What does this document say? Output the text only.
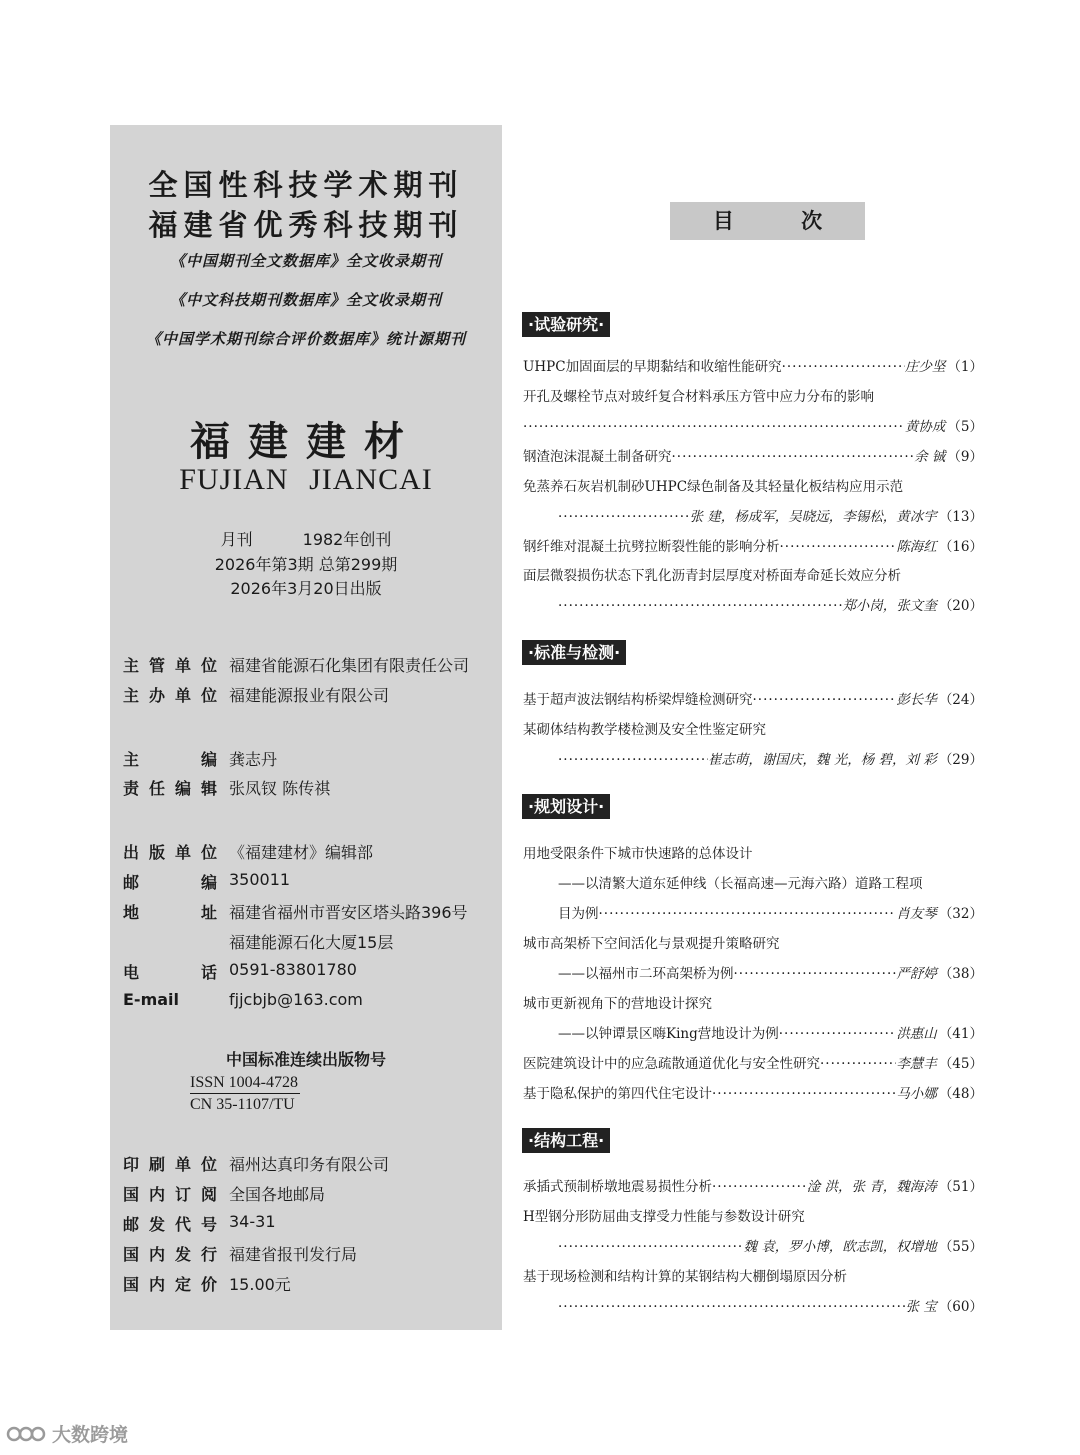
全国性科技学术期刊
福建省优秀科技期刊
《中国期刊全文数据库》全文收录期刊
《中文科技期刊数据库》全文收录期刊
《中国学术期刊综合评价数据库》统计源期刊
福建建材
FUJIAN JIANCAI
月刊	1982年创刊
2026年第3期 总第299期
2026年3月20日出版
主管单位 福建省能源石化集团有限责任公司
主办单位 福建能源报业有限公司
主编 龚志丹
责任编辑 张凤钗 陈传祺
出版单位 《福建建材》编辑部
邮编 350011
地址 福建省福州市晋安区塔头路396号
福建能源石化大厦15层
电话 0591-83801780
E-mail	fjjcbjb@163.com
中国标准连续出版物号
ISSN 1004-4728
CN 35-1107/TU
印刷单位 福州达真印务有限公司
国内订阅 全国各地邮局
邮发代号 34-31
国内发行 福建省报刊发行局
国内定价 15.00元
目 次
·试验研究·
UHPC加固面层的早期黏结和收缩性能研究 ·····	庄少坚 （1）
开孔及螺栓节点对玻纤复合材料承压方管中应力分布的影响
·····
黄协成 （5）
钢渣泡沫混凝土制备研究 ·····	余 铖 （9）
免蒸养石灰岩机制砂UHPC绿色制备及其轻量化板结构应用示范
·····
张 建，杨成军，吴晓远，李锡松，黄冰宇 （13）
钢纤维对混凝土抗劈拉断裂性能的影响分析 ·····	陈海红 （16）
面层微裂损伤状态下乳化沥青封层厚度对桥面寿命延长效应分析
·····
郑小岗，张文奎 （20）
·标准与检测·
基于超声波法钢结构桥梁焊缝检测研究 ·····	彭长华 （24）
某砌体结构教学楼检测及安全性鉴定研究
·····
崔志萌，谢国庆，魏 光，杨 碧，刘 彩 （29）
·规划设计·
用地受限条件下城市快速路的总体设计
——以清繁大道东延伸线（长福高速—元海六路）道路工程项
目为例 ·····	肖友琴 （32）
城市高架桥下空间活化与景观提升策略研究
——以福州市二环高架桥为例 ·····	严舒婷 （38）
城市更新视角下的营地设计探究
——以钟谭景区嗨King营地设计为例 ·····	洪惠山 （41）
医院建筑设计中的应急疏散通道优化与安全性研究 ·····	李慧丰 （45）
基于隐私保护的第四代住宅设计 ·····	马小娜 （48）
·结构工程·
承插式预制桥墩地震易损性分析 ·····	淦 洪，张 青，魏海涛 （51）
H型钢分形防屈曲支撑受力性能与参数设计研究
·····
魏 袁，罗小博，欧志凯，权增地 （55）
基于现场检测和结构计算的某钢结构大棚倒塌原因分析
·····
张 宝 （60）
大数跨境
